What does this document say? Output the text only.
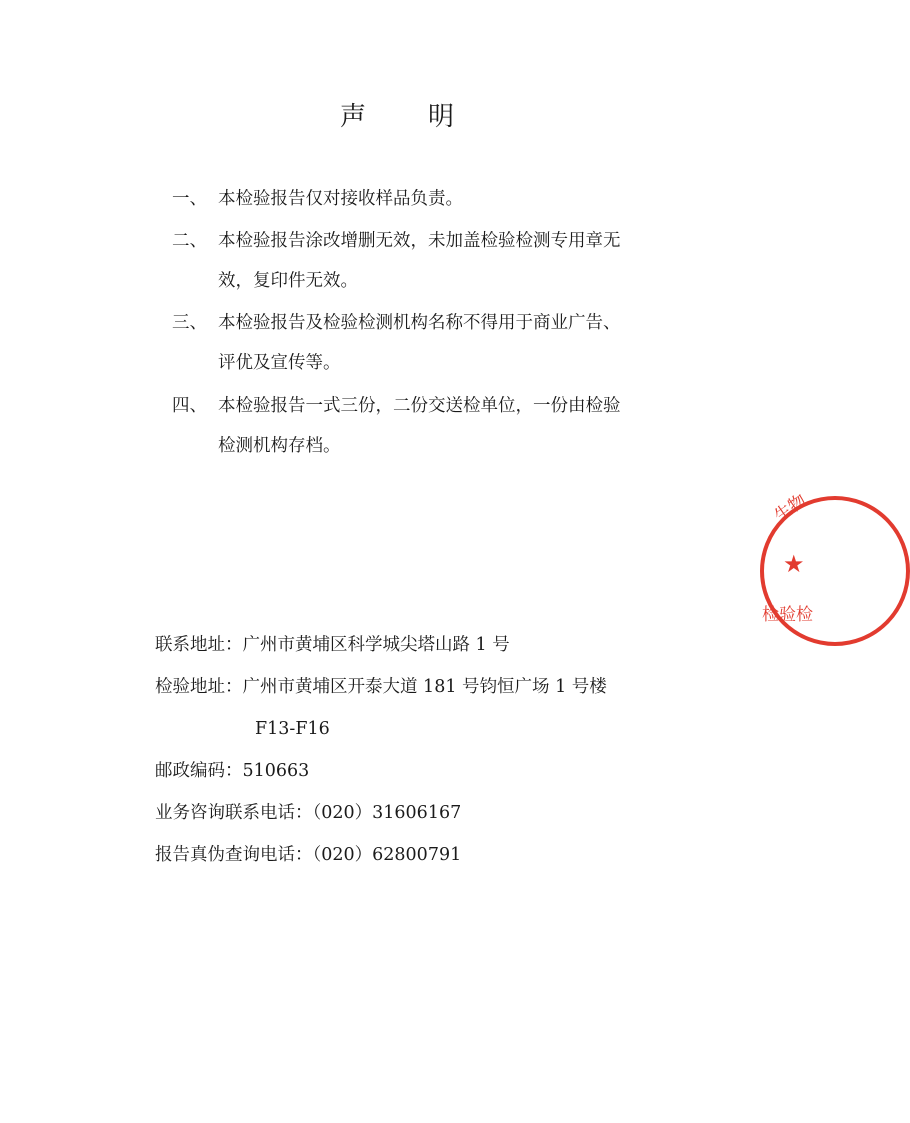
声明
一、 本检验报告仅对接收样品负责。
二、 本检验报告涂改增删无效，未加盖检验检测专用章无
效，复印件无效。
三、 本检验报告及检验检测机构名称不得用于商业广告、
评优及宣传等。
四、 本检验报告一式三份，二份交送检单位，一份由检验
检测机构存档。
联系地址：广州市黄埔区科学城尖塔山路 1 号
检验地址：广州市黄埔区开泰大道 181 号钧恒广场 1 号楼
F13-F16
邮政编码：510663
业务咨询联系电话：（020）31606167
报告真伪查询电话：（020）62800791
生物
★
检验检
